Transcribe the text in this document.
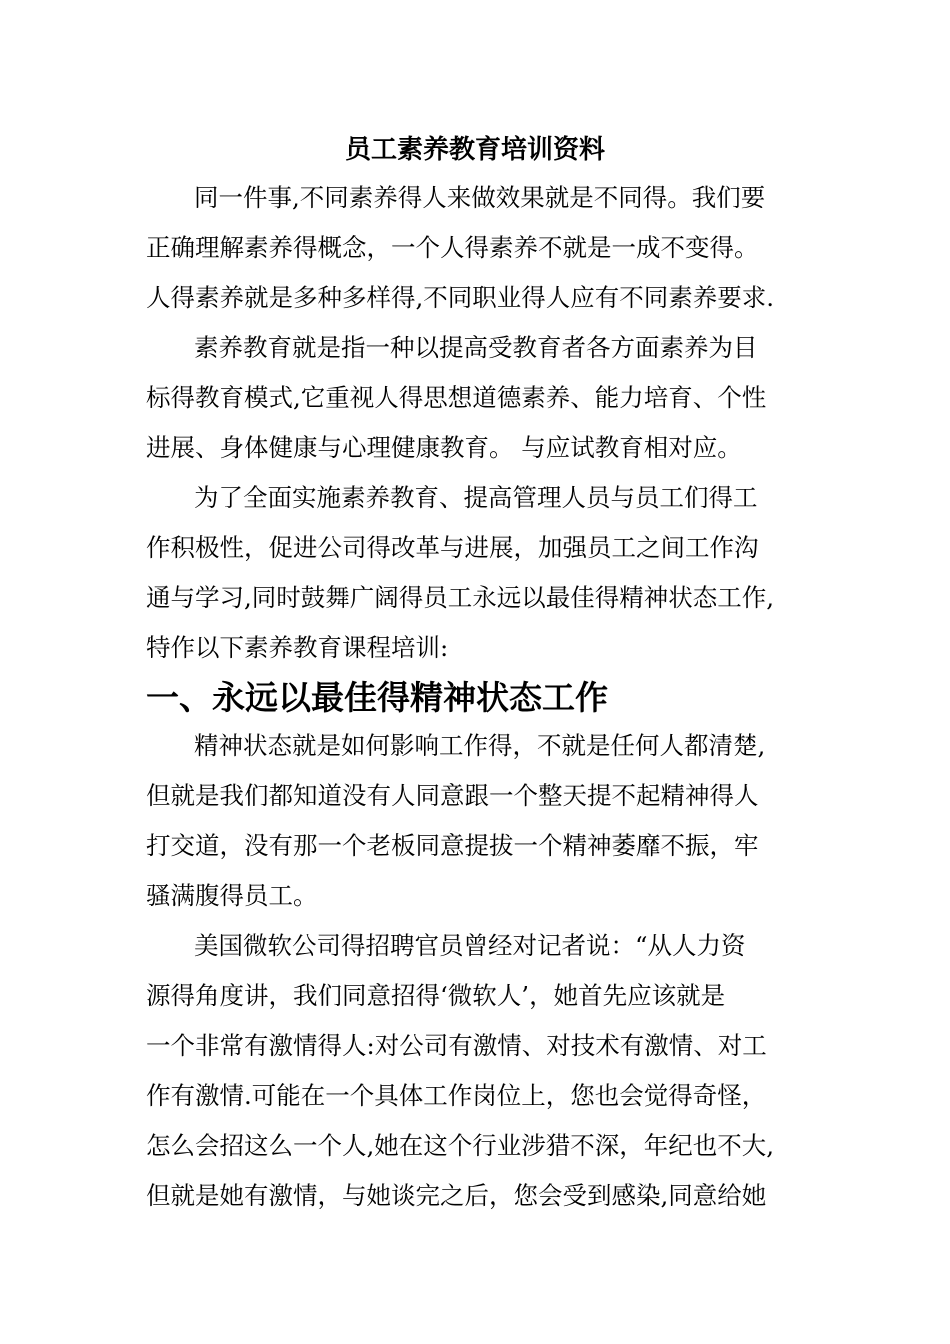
员工素养教育培训资料
同一件事,不同素养得人来做效果就是不同得。我们要
正确理解素养得概念，一个人得素养不就是一成不变得。
人得素养就是多种多样得,不同职业得人应有不同素养要求.
素养教育就是指一种以提高受教育者各方面素养为目
标得教育模式,它重视人得思想道德素养、能力培育、个性
进展、身体健康与心理健康教育。 与应试教育相对应。
为了全面实施素养教育、提高管理人员与员工们得工
作积极性，促进公司得改革与进展，加强员工之间工作沟
通与学习,同时鼓舞广阔得员工永远以最佳得精神状态工作,
特作以下素养教育课程培训:
一、永远以最佳得精神状态工作
精神状态就是如何影响工作得，不就是任何人都清楚,
但就是我们都知道没有人同意跟一个整天提不起精神得人
打交道，没有那一个老板同意提拔一个精神萎靡不振，牢
骚满腹得员工。
美国微软公司得招聘官员曾经对记者说：“从人力资
源得角度讲，我们同意招得‘微软人’，她首先应该就是
一个非常有激情得人:对公司有激情、对技术有激情、对工
作有激情.可能在一个具体工作岗位上，您也会觉得奇怪，
怎么会招这么一个人,她在这个行业涉猎不深，年纪也不大,
但就是她有激情，与她谈完之后，您会受到感染,同意给她
